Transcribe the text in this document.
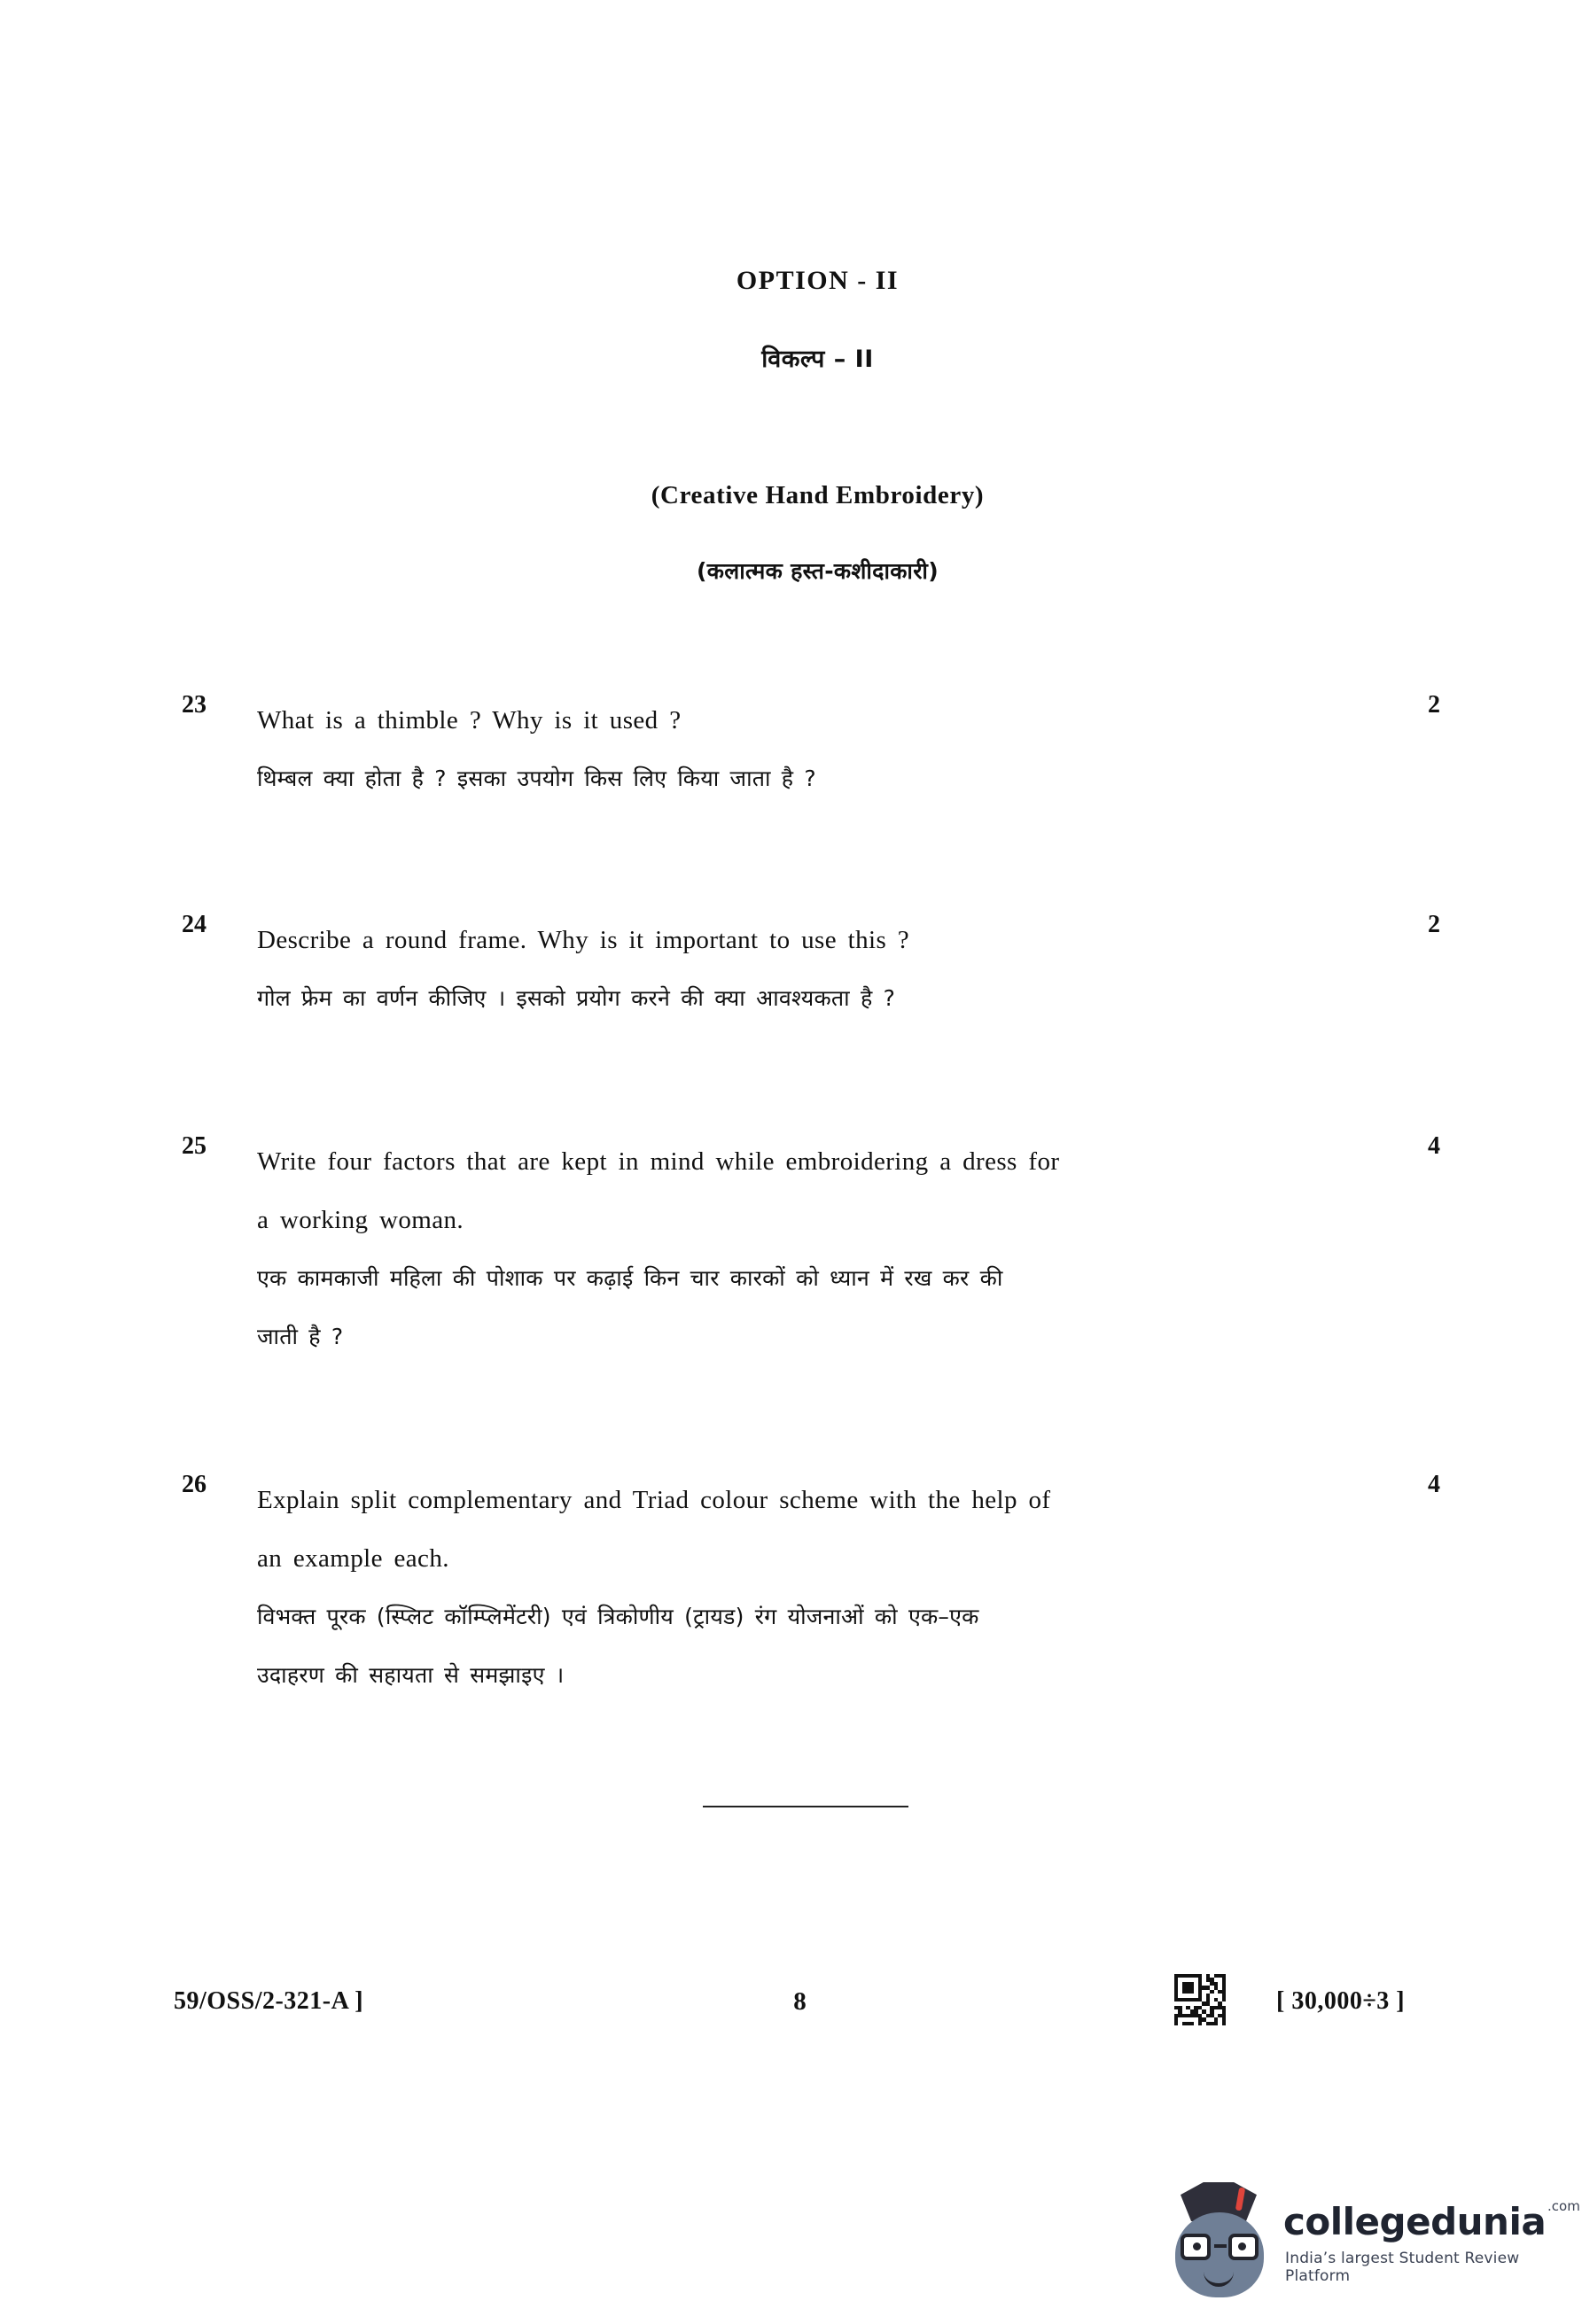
OPTION - II
विकल्प – II
(Creative Hand Embroidery)
(कलात्मक हस्त-कशीदाकारी)
23	2
What is a thimble ? Why is it used ?
थिम्बल क्या होता है ? इसका उपयोग किस लिए किया जाता है ?
24	2
Describe a round frame. Why is it important to use this ?
गोल फ्रेम का वर्णन कीजिए । इसको प्रयोग करने की क्या आवश्यकता है ?
25	4
Write four factors that are kept in mind while embroidering a dress for
a working woman.
एक कामकाजी महिला की पोशाक पर कढ़ाई किन चार कारकों को ध्यान में रख कर की
जाती है ?
26	4
Explain split complementary and Triad colour scheme with the help of
an example each.
विभक्त पूरक (स्प्लिट कॉम्प्लिमेंटरी) एवं त्रिकोणीय (ट्रायड) रंग योजनाओं को एक–एक
उदाहरण की सहायता से समझाइए ।
59/OSS/2-321-A ]	8	[ 30,000÷3 ]
collegedunia .com
India’s largest Student Review Platform
